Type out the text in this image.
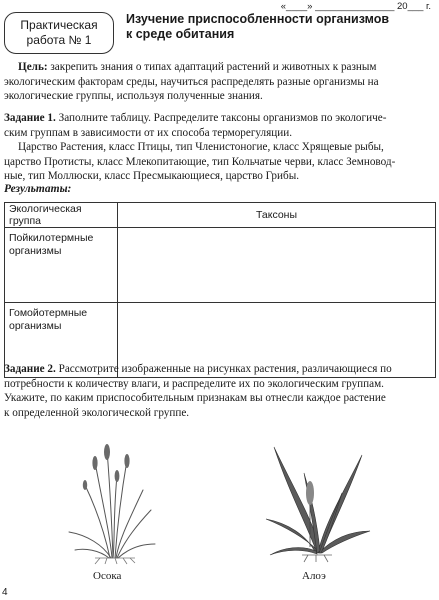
«____» _______________ 20___ г.
Практическая
работа № 1
Изучение приспособленности организмов
к среде обитания
Цель: закрепить знания о типах адаптаций растений и животных к разным
экологическим факторам среды, научиться распределять разные организмы на
экологические группы, используя полученные знания.
Задание 1. Заполните таблицу. Распределите таксоны организмов по экологиче-
ским группам в зависимости от их способа терморегуляции.
Царство Растения, класс Птицы, тип Членистоногие, класс Хрящевые рыбы,
царство Протисты, класс Млекопитающие, тип Кольчатые черви, класс Земновод-
ные, тип Моллюски, класс Пресмыкающиеся, царство Грибы.
Результаты:
Экологическая группа	Таксоны

Пойкилотермные
организмы	

Гомойотермные
организмы	

Задание 2. Рассмотрите изображенные на рисунках растения, различающиеся по
потребности к количеству влаги, и распределите их по экологическим группам.
Укажите, по каким приспособительным признакам вы отнесли каждое растение
к определенной экологической группе.
Осока	Алоэ
4
